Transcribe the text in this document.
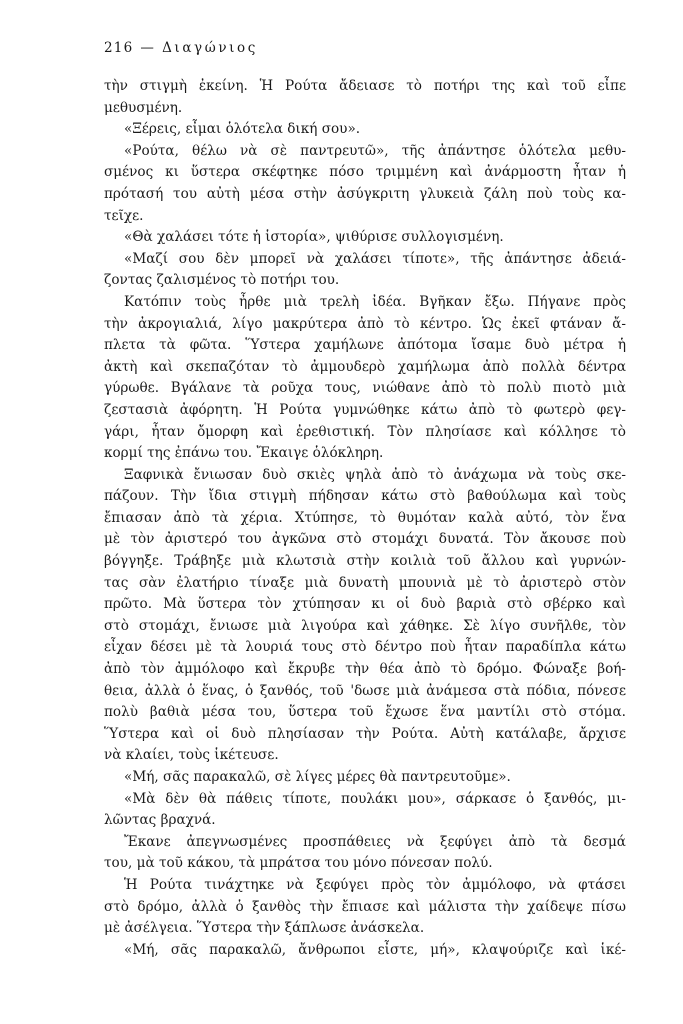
216 — Διαγώνιος
τὴν στιγμὴ ἐκείνη. Ἡ Ρούτα ἄδειασε τὸ ποτήρι της καὶ τοῦ εἶπε
μεθυσμένη.
«Ξέρεις, εἶμαι ὁλότελα δική σου».
«Ρούτα, θέλω νὰ σὲ παντρευτῶ», τῆς ἀπάντησε ὁλότελα μεθυ-
σμένος κι ὕστερα σκέφτηκε πόσο τριμμένη καὶ ἀνάρμοστη ἦταν ἡ
πρότασή του αὐτὴ μέσα στὴν ἀσύγκριτη γλυκειὰ ζάλη ποὺ τοὺς κα-
τεῖχε.
«Θὰ χαλάσει τότε ἡ ἱστορία», ψιθύρισε συλλογισμένη.
«Μαζί σου δὲν μπορεῖ νὰ χαλάσει τίποτε», τῆς ἀπάντησε ἀδειά-
ζοντας ζαλισμένος τὸ ποτήρι του.
Κατόπιν τοὺς ἦρθε μιὰ τρελὴ ἰδέα. Βγῆκαν ἔξω. Πήγανε πρὸς
τὴν ἀκρογιαλιά, λίγο μακρύτερα ἀπὸ τὸ κέντρο. Ὡς ἐκεῖ φτάναν ἄ-
πλετα τὰ φῶτα. Ὕστερα χαμήλωνε ἀπότομα ἴσαμε δυὸ μέτρα ἡ
ἀκτὴ καὶ σκεπαζόταν τὸ ἀμμουδερὸ χαμήλωμα ἀπὸ πολλὰ δέντρα
γύρωθε. Βγάλανε τὰ ροῦχα τους, νιώθανε ἀπὸ τὸ πολὺ πιοτὸ μιὰ
ζεστασιὰ ἀφόρητη. Ἡ Ρούτα γυμνώθηκε κάτω ἀπὸ τὸ φωτερὸ φεγ-
γάρι, ἦταν ὄμορφη καὶ ἐρεθιστική. Τὸν πλησίασε καὶ κόλλησε τὸ
κορμί της ἐπάνω του. Ἔκαιγε ὁλόκληρη.
Ξαφνικὰ ἔνιωσαν δυὸ σκιὲς ψηλὰ ἀπὸ τὸ ἀνάχωμα νὰ τοὺς σκε-
πάζουν. Τὴν ἴδια στιγμὴ πήδησαν κάτω στὸ βαθούλωμα καὶ τοὺς
ἔπιασαν ἀπὸ τὰ χέρια. Χτύπησε, τὸ θυμόταν καλὰ αὐτό, τὸν ἕνα
μὲ τὸν ἀριστερό του ἀγκῶνα στὸ στομάχι δυνατά. Τὸν ἄκουσε ποὺ
βόγγηξε. Τράβηξε μιὰ κλωτσιὰ στὴν κοιλιὰ τοῦ ἄλλου καὶ γυρνών-
τας σὰν ἐλατήριο τίναξε μιὰ δυνατὴ μπουνιὰ μὲ τὸ ἀριστερὸ στὸν
πρῶτο. Μὰ ὕστερα τὸν χτύπησαν κι οἱ δυὸ βαριὰ στὸ σβέρκο καὶ
στὸ στομάχι, ἔνιωσε μιὰ λιγούρα καὶ χάθηκε. Σὲ λίγο συνῆλθε, τὸν
εἶχαν δέσει μὲ τὰ λουριά τους στὸ δέντρο ποὺ ἦταν παραδίπλα κάτω
ἀπὸ τὸν ἀμμόλοφο καὶ ἔκρυβε τὴν θέα ἀπὸ τὸ δρόμο. Φώναξε βοή-
θεια, ἀλλὰ ὁ ἕνας, ὁ ξανθός, τοῦ 'δωσε μιὰ ἀνάμεσα στὰ πόδια, πόνεσε
πολὺ βαθιὰ μέσα του, ὕστερα τοῦ ἔχωσε ἕνα μαντίλι στὸ στόμα.
Ὕστερα καὶ οἱ δυὸ πλησίασαν τὴν Ρούτα. Αὐτὴ κατάλαβε, ἄρχισε
νὰ κλαίει, τοὺς ἱκέτευσε.
«Μή, σᾶς παρακαλῶ, σὲ λίγες μέρες θὰ παντρευτοῦμε».
«Μὰ δὲν θὰ πάθεις τίποτε, πουλάκι μου», σάρκασε ὁ ξανθός, μι-
λῶντας βραχνά.
Ἔκανε ἀπεγνωσμένες προσπάθειες νὰ ξεφύγει ἀπὸ τὰ δεσμά
του, μὰ τοῦ κάκου, τὰ μπράτσα του μόνο πόνεσαν πολύ.
Ἡ Ρούτα τινάχτηκε νὰ ξεφύγει πρὸς τὸν ἀμμόλοφο, νὰ φτάσει
στὸ δρόμο, ἀλλὰ ὁ ξανθὸς τὴν ἔπιασε καὶ μάλιστα τὴν χαίδεψε πίσω
μὲ ἀσέλγεια. Ὕστερα τὴν ξάπλωσε ἀνάσκελα.
«Μή, σᾶς παρακαλῶ, ἄνθρωποι εἶστε, μή», κλαψούριζε καὶ ἱκέ-
